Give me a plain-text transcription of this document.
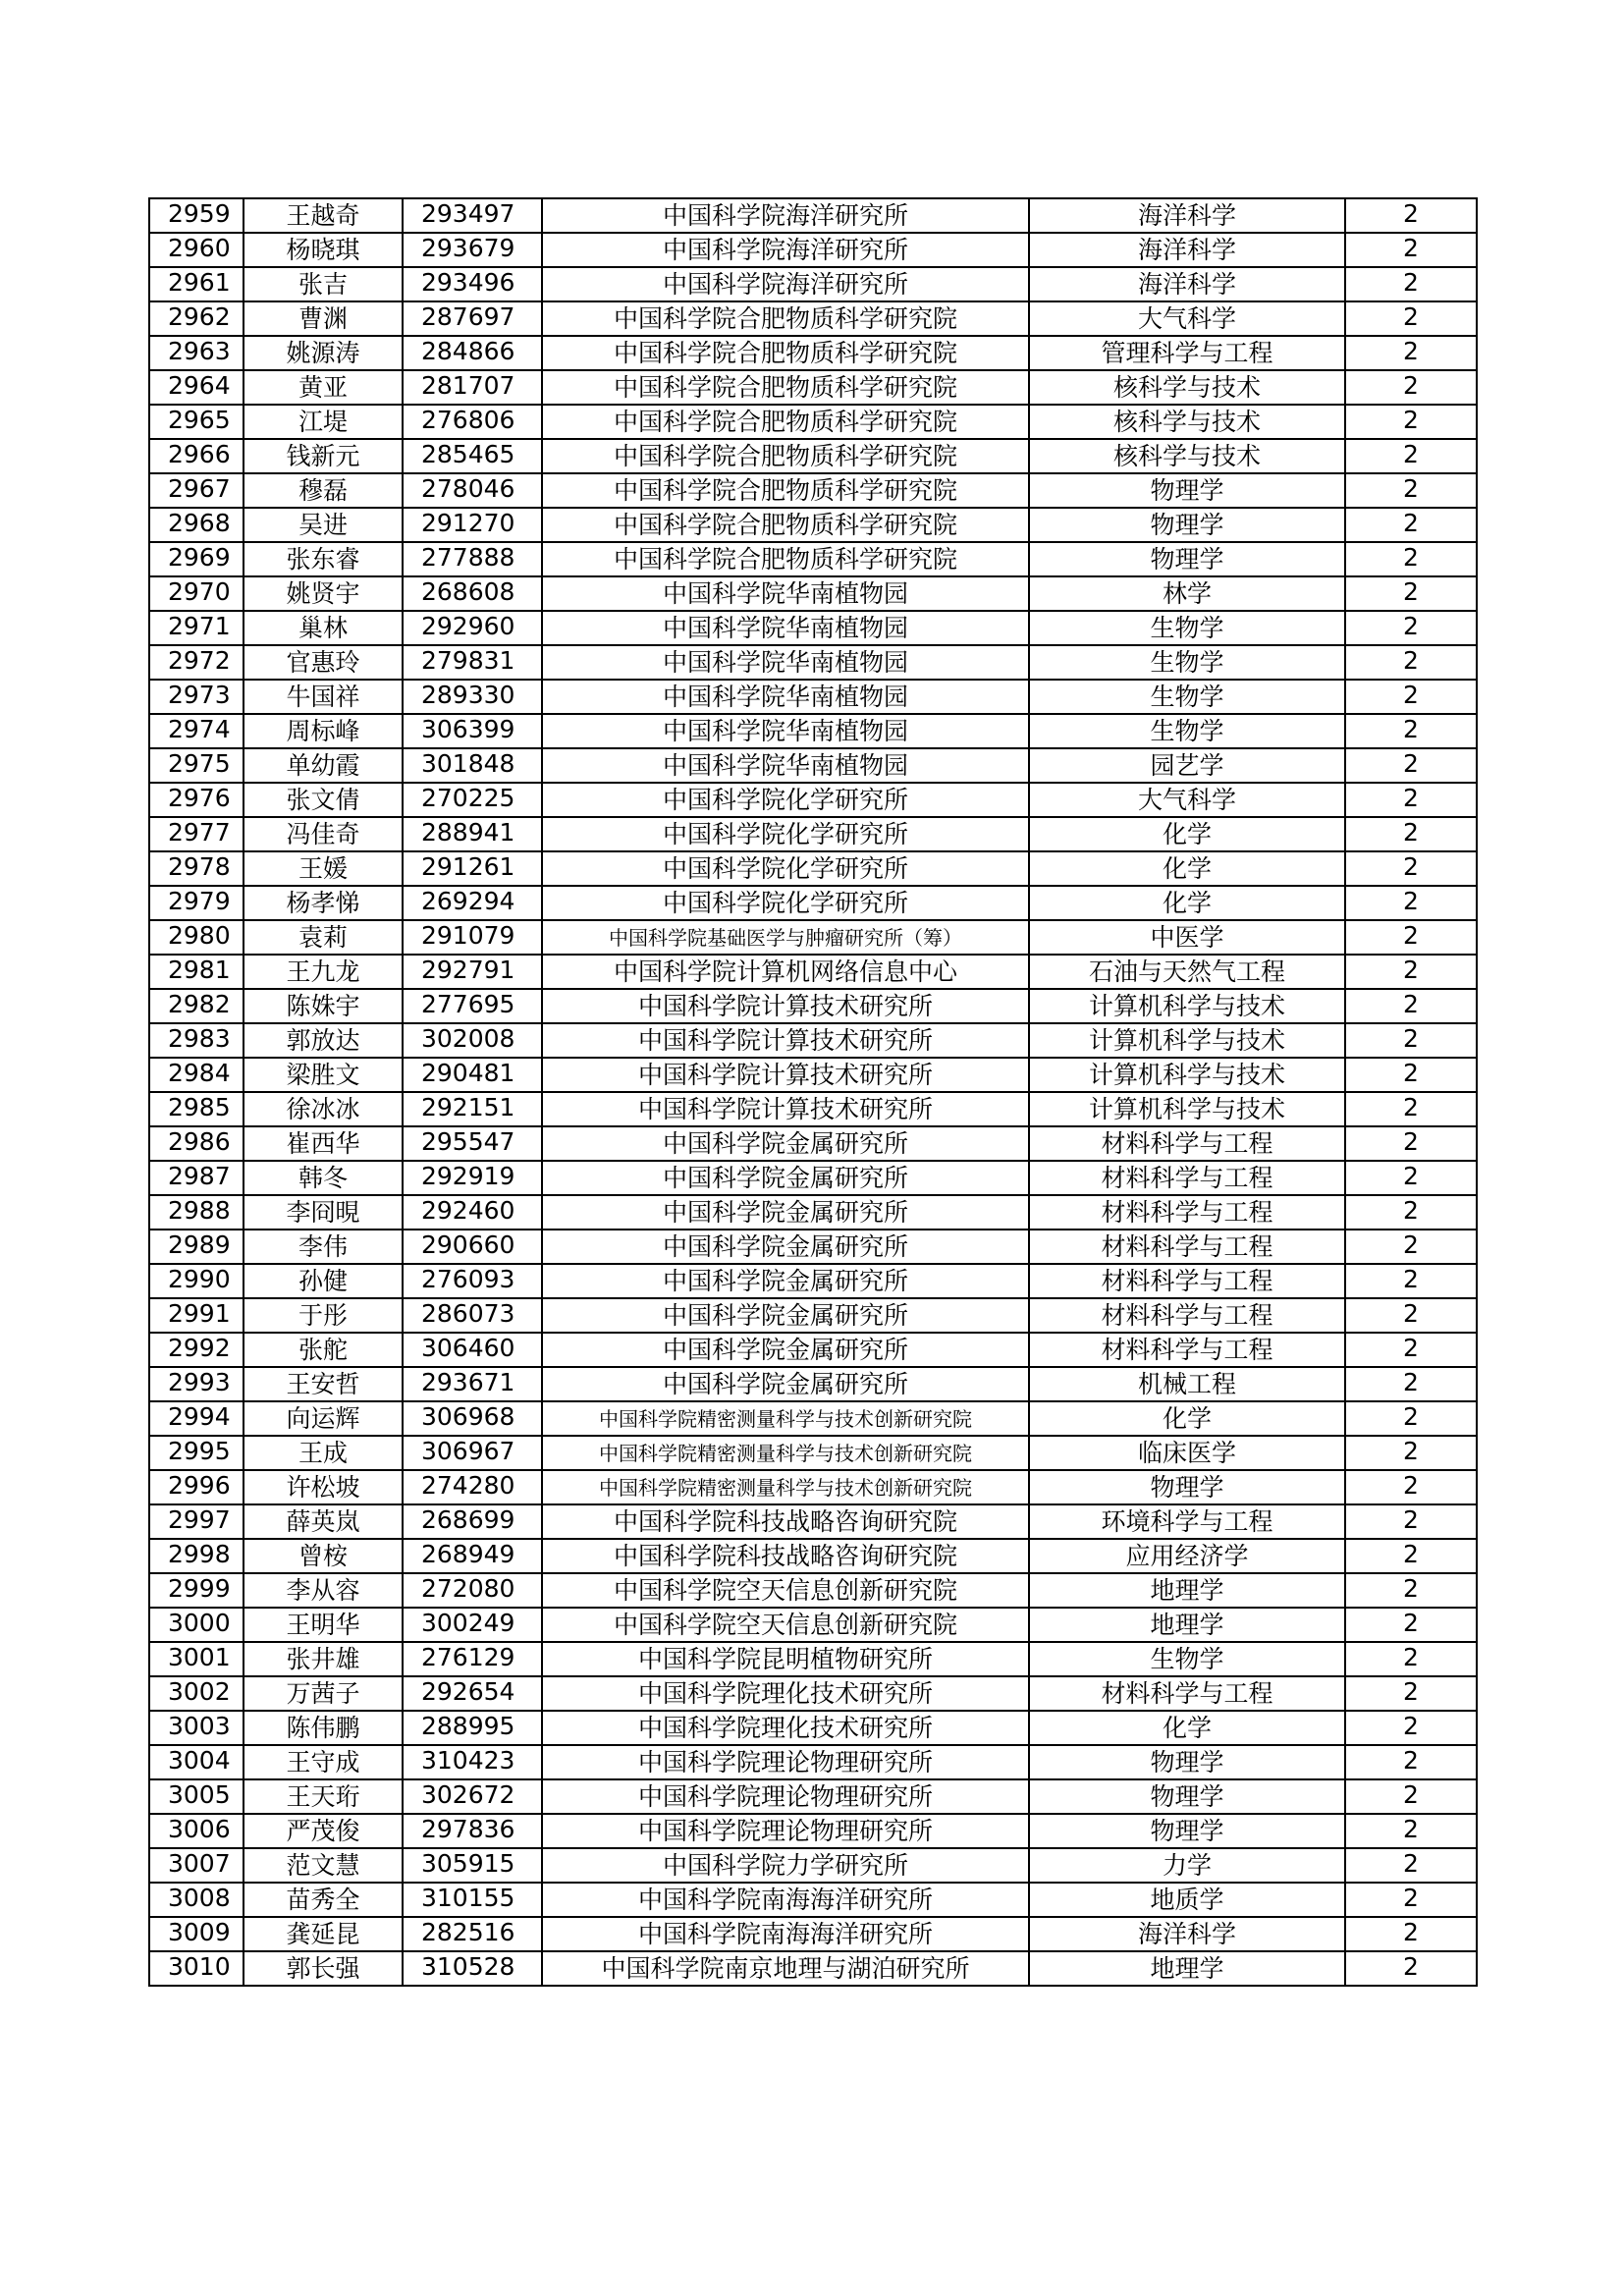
2959	王越奇	293497	中国科学院海洋研究所	海洋科学	2
2960	杨晓琪	293679	中国科学院海洋研究所	海洋科学	2
2961	张吉	293496	中国科学院海洋研究所	海洋科学	2
2962	曹渊	287697	中国科学院合肥物质科学研究院	大气科学	2
2963	姚源涛	284866	中国科学院合肥物质科学研究院	管理科学与工程	2
2964	黄亚	281707	中国科学院合肥物质科学研究院	核科学与技术	2
2965	江堤	276806	中国科学院合肥物质科学研究院	核科学与技术	2
2966	钱新元	285465	中国科学院合肥物质科学研究院	核科学与技术	2
2967	穆磊	278046	中国科学院合肥物质科学研究院	物理学	2
2968	吴进	291270	中国科学院合肥物质科学研究院	物理学	2
2969	张东睿	277888	中国科学院合肥物质科学研究院	物理学	2
2970	姚贤宇	268608	中国科学院华南植物园	林学	2
2971	巢林	292960	中国科学院华南植物园	生物学	2
2972	官惠玲	279831	中国科学院华南植物园	生物学	2
2973	牛国祥	289330	中国科学院华南植物园	生物学	2
2974	周标峰	306399	中国科学院华南植物园	生物学	2
2975	单幼霞	301848	中国科学院华南植物园	园艺学	2
2976	张文倩	270225	中国科学院化学研究所	大气科学	2
2977	冯佳奇	288941	中国科学院化学研究所	化学	2
2978	王媛	291261	中国科学院化学研究所	化学	2
2979	杨孝悌	269294	中国科学院化学研究所	化学	2
2980	袁莉	291079	中国科学院基础医学与肿瘤研究所（筹）	中医学	2
2981	王九龙	292791	中国科学院计算机网络信息中心	石油与天然气工程	2
2982	陈姝宇	277695	中国科学院计算技术研究所	计算机科学与技术	2
2983	郭放达	302008	中国科学院计算技术研究所	计算机科学与技术	2
2984	梁胜文	290481	中国科学院计算技术研究所	计算机科学与技术	2
2985	徐冰冰	292151	中国科学院计算技术研究所	计算机科学与技术	2
2986	崔西华	295547	中国科学院金属研究所	材料科学与工程	2
2987	韩冬	292919	中国科学院金属研究所	材料科学与工程	2
2988	李冏晛	292460	中国科学院金属研究所	材料科学与工程	2
2989	李伟	290660	中国科学院金属研究所	材料科学与工程	2
2990	孙健	276093	中国科学院金属研究所	材料科学与工程	2
2991	于彤	286073	中国科学院金属研究所	材料科学与工程	2
2992	张舵	306460	中国科学院金属研究所	材料科学与工程	2
2993	王安哲	293671	中国科学院金属研究所	机械工程	2
2994	向运辉	306968	中国科学院精密测量科学与技术创新研究院	化学	2
2995	王成	306967	中国科学院精密测量科学与技术创新研究院	临床医学	2
2996	许松坡	274280	中国科学院精密测量科学与技术创新研究院	物理学	2
2997	薛英岚	268699	中国科学院科技战略咨询研究院	环境科学与工程	2
2998	曾桉	268949	中国科学院科技战略咨询研究院	应用经济学	2
2999	李从容	272080	中国科学院空天信息创新研究院	地理学	2
3000	王明华	300249	中国科学院空天信息创新研究院	地理学	2
3001	张井雄	276129	中国科学院昆明植物研究所	生物学	2
3002	万茜子	292654	中国科学院理化技术研究所	材料科学与工程	2
3003	陈伟鹏	288995	中国科学院理化技术研究所	化学	2
3004	王守成	310423	中国科学院理论物理研究所	物理学	2
3005	王天珩	302672	中国科学院理论物理研究所	物理学	2
3006	严茂俊	297836	中国科学院理论物理研究所	物理学	2
3007	范文慧	305915	中国科学院力学研究所	力学	2
3008	苗秀全	310155	中国科学院南海海洋研究所	地质学	2
3009	龚延昆	282516	中国科学院南海海洋研究所	海洋科学	2
3010	郭长强	310528	中国科学院南京地理与湖泊研究所	地理学	2
